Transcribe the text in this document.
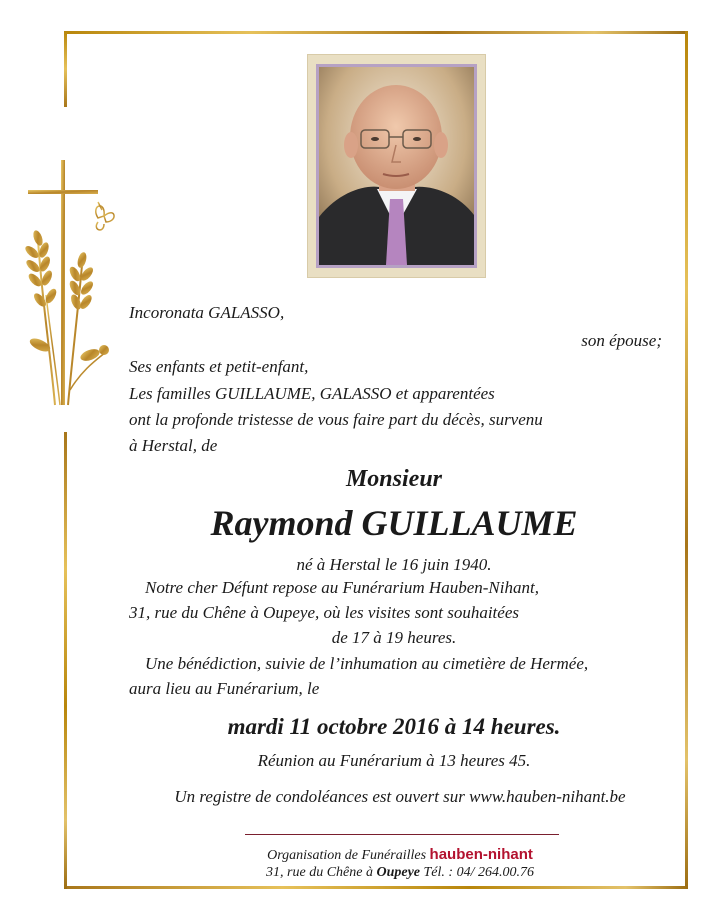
Incoronata GALASSO,
son épouse;
Ses enfants et petit-enfant,
Les familles GUILLAUME, GALASSO et apparentées
ont la profonde tristesse de vous faire part du décès, survenu
à Herstal, de
Monsieur
Raymond GUILLAUME
né à Herstal le 16 juin 1940.
Notre cher Défunt repose au Funérarium Hauben-Nihant,
31, rue du Chêne à Oupeye, où les visites sont souhaitées
de 17 à 19 heures.
Une bénédiction, suivie de l’inhumation au cimetière de Hermée,
aura lieu au Funérarium, le
mardi 11 octobre 2016 à 14 heures.
Réunion au Funérarium à 13 heures 45.
Un registre de condoléances est ouvert sur www.hauben-nihant.be
Organisation de Funérailles hauben-nihant
31, rue du Chêne à Oupeye Tél. : 04/ 264.00.76
